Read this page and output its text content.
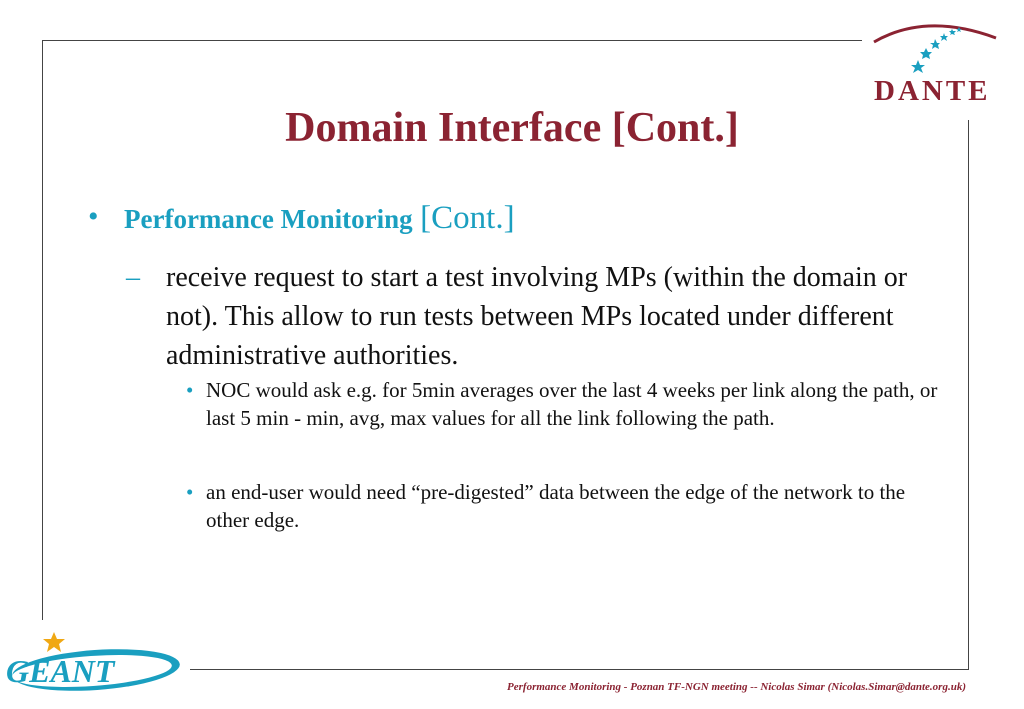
DANTE
Domain Interface [Cont.]
• Performance Monitoring [Cont.]
– receive request to start a test involving MPs (within the domain or not). This allow to run tests between MPs located under different administrative authorities.
• NOC would ask e.g. for 5min averages over the last 4 weeks per link along the path, or last 5 min - min, avg, max values for all the link following the path.
• an end-user would need “pre-digested” data between the edge of the network to the other edge.
GEANT	Performance Monitoring - Poznan TF-NGN meeting -- Nicolas Simar (Nicolas.Simar@dante.org.uk)
